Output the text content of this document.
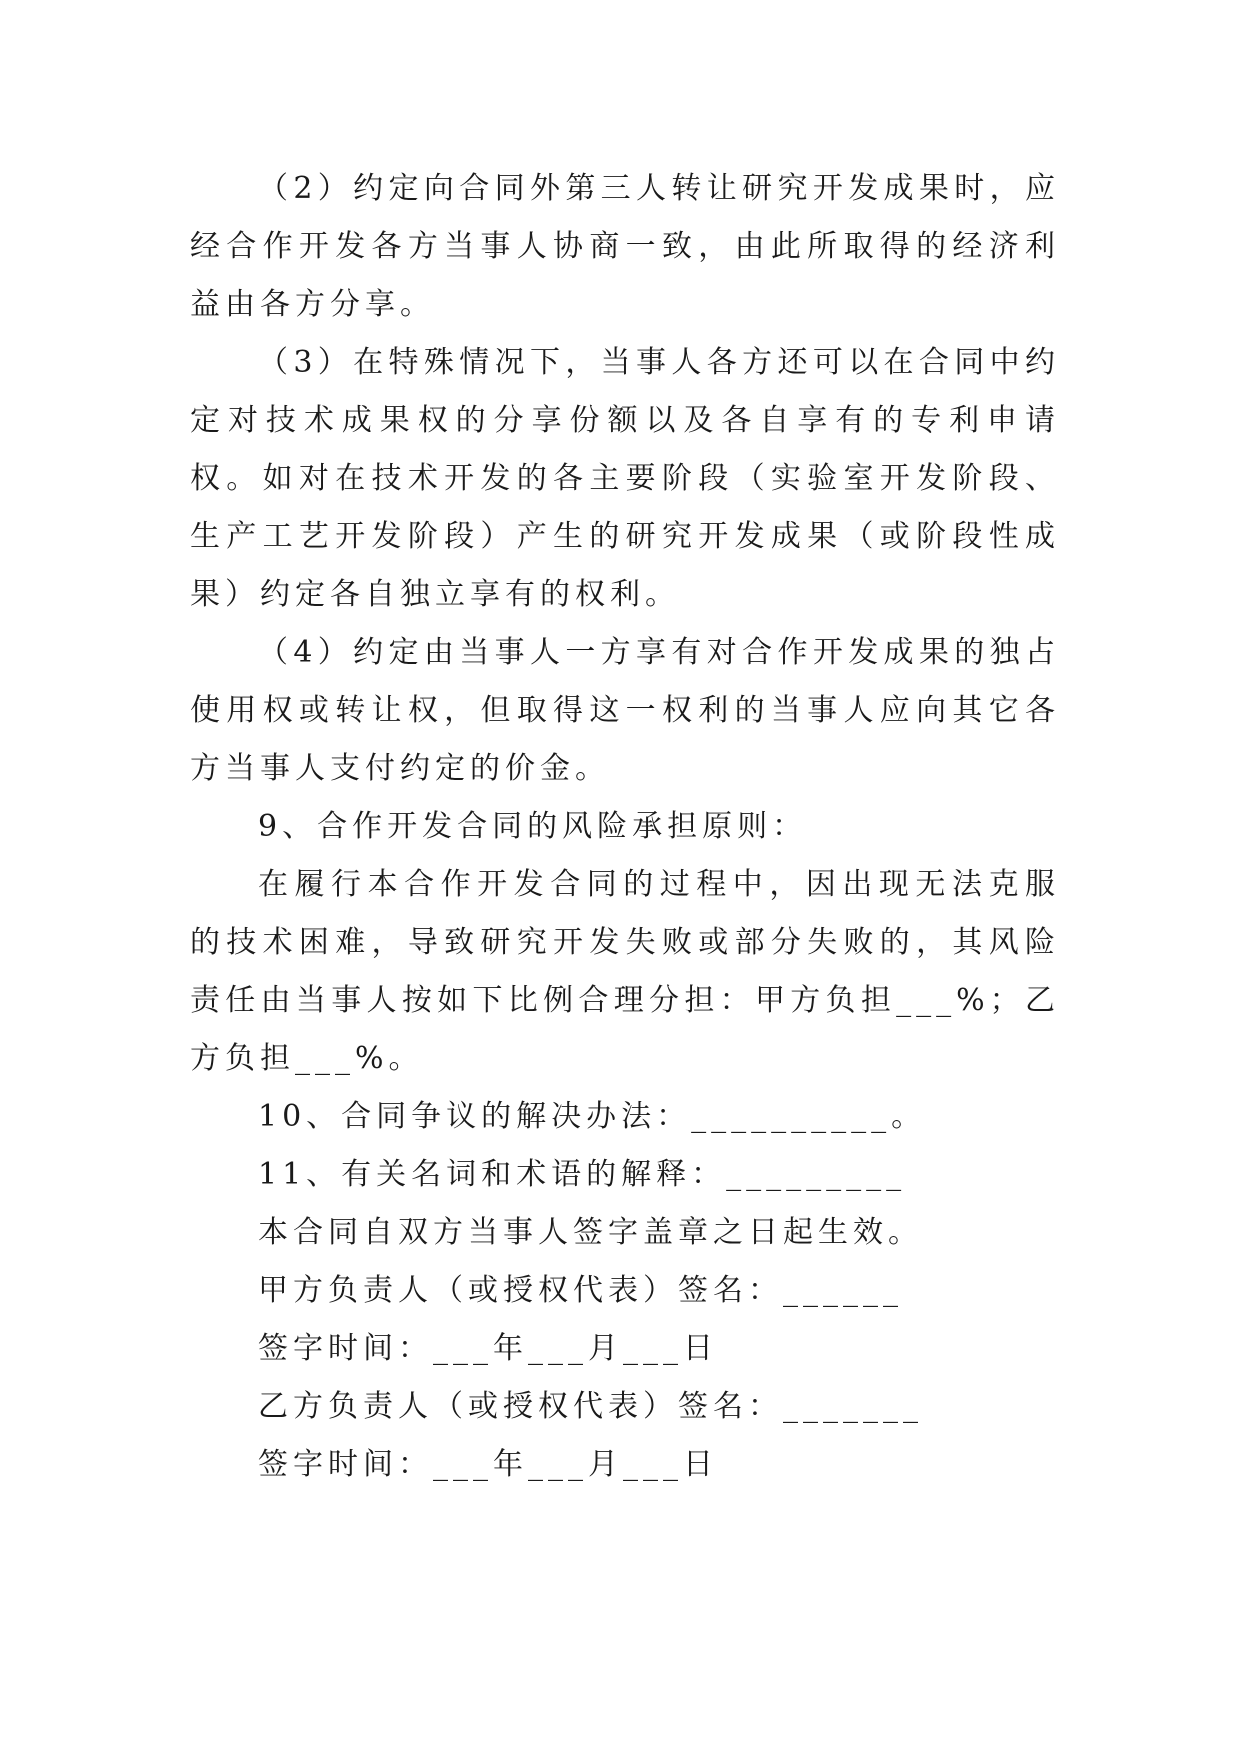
（2）约定向合同外第三人转让研究开发成果时，应经合作开发各方当事人协商一致，由此所取得的经济利益由各方分享。

（3）在特殊情况下，当事人各方还可以在合同中约定对技术成果权的分享份额以及各自享有的专利申请权。如对在技术开发的各主要阶段（实验室开发阶段、生产工艺开发阶段）产生的研究开发成果（或阶段性成果）约定各自独立享有的权利。

（4）约定由当事人一方享有对合作开发成果的独占使用权或转让权，但取得这一权利的当事人应向其它各方当事人支付约定的价金。

9、合作开发合同的风险承担原则：

在履行本合作开发合同的过程中，因出现无法克服的技术困难，导致研究开发失败或部分失败的，其风险责任由当事人按如下比例合理分担：甲方负担___%；乙方负担___%。

10、合同争议的解决办法：__________。

11、有关名词和术语的解释：_________

本合同自双方当事人签字盖章之日起生效。

甲方负责人（或授权代表）签名：______

签字时间：___年___月___日

乙方负责人（或授权代表）签名：_______

签字时间：___年___月___日
